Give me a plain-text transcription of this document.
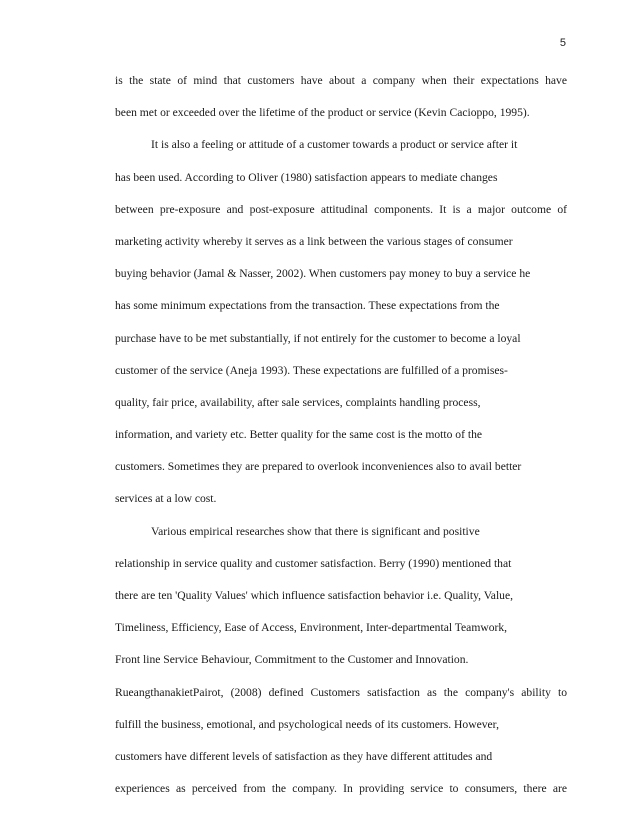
5
is the state of mind that customers have about a company when their expectations have
been met or exceeded over the lifetime of the product or service (Kevin Cacioppo, 1995).
It is also a feeling or attitude of a customer towards a product or service after it
has been used. According to Oliver (1980) satisfaction appears to mediate changes
between pre-exposure and post-exposure attitudinal components. It is a major outcome of
marketing activity whereby it serves as a link between the various stages of consumer
buying behavior (Jamal & Nasser, 2002). When customers pay money to buy a service he
has some minimum expectations from the transaction. These expectations from the
purchase have to be met substantially, if not entirely for the customer to become a loyal
customer of the service (Aneja 1993). These expectations are fulfilled of a promises-
quality, fair price, availability, after sale services, complaints handling process,
information, and variety etc. Better quality for the same cost is the motto of the
customers. Sometimes they are prepared to overlook inconveniences also to avail better
services at a low cost.
Various empirical researches show that there is significant and positive
relationship in service quality and customer satisfaction. Berry (1990) mentioned that
there are ten 'Quality Values' which influence satisfaction behavior i.e. Quality, Value,
Timeliness, Efficiency, Ease of Access, Environment, Inter-departmental Teamwork,
Front line Service Behaviour, Commitment to the Customer and Innovation.
RueangthanakietPairot, (2008) defined Customers satisfaction as the company's ability to
fulfill the business, emotional, and psychological needs of its customers. However,
customers have different levels of satisfaction as they have different attitudes and
experiences as perceived from the company. In providing service to consumers, there are
